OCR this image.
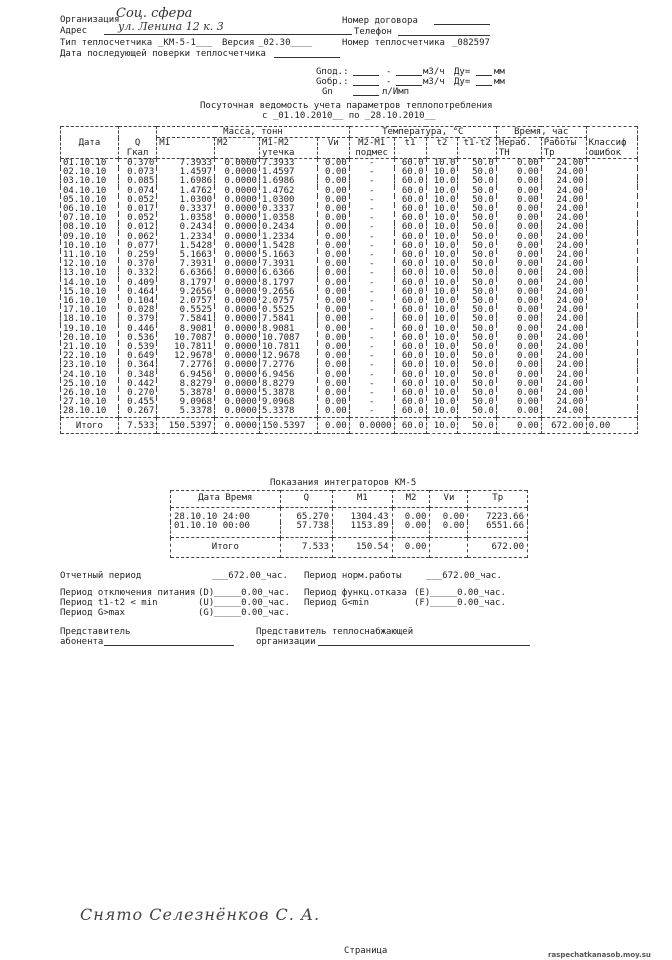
Организация
Соц. сфера
Адрес	ул. Ленина 12 к. 3	Номер договора
Телефон
Тип теплосчетчика _КМ-5-1___ Версия _02.30____	Номер теплосчетчика _082597
Дата последующей поверки теплосчетчика
Gпод.:	-	м3/ч Ду=	мм
Gобр.:	-	м3/ч Ду=	мм
Gn	л/Имп
Посуточная ведомость учета параметров теплопотребления
с _01.10.2010__ по _28.10.2010__
		Масса, тонн				Температура, °С				Время, час		
Дата	Q
Гкал	M1	M2	M1-M2
утечка	Vи	M2-M1
подмес	t1	t2	t1-t2	Нераб.
ТН	Работы
Тр	Классиф
ошибок
01.10.10	0.370	7.3933	0.0000	7.3933	0.00	-	60.0	10.0	50.0	0.00	24.00	
02.10.10	0.073	1.4597	0.0000	1.4597	0.00	-	60.0	10.0	50.0	0.00	24.00	
03.10.10	0.085	1.6986	0.0000	1.6986	0.00	-	60.0	10.0	50.0	0.00	24.00	
04.10.10	0.074	1.4762	0.0000	1.4762	0.00	-	60.0	10.0	50.0	0.00	24.00	
05.10.10	0.052	1.0300	0.0000	1.0300	0.00	-	60.0	10.0	50.0	0.00	24.00	
06.10.10	0.017	0.3337	0.0000	0.3337	0.00	-	60.0	10.0	50.0	0.00	24.00	
07.10.10	0.052	1.0358	0.0000	1.0358	0.00	-	60.0	10.0	50.0	0.00	24.00	
08.10.10	0.012	0.2434	0.0000	0.2434	0.00	-	60.0	10.0	50.0	0.00	24.00	
09.10.10	0.062	1.2334	0.0000	1.2334	0.00	-	60.0	10.0	50.0	0.00	24.00	
10.10.10	0.077	1.5428	0.0000	1.5428	0.00	-	60.0	10.0	50.0	0.00	24.00	
11.10.10	0.259	5.1663	0.0000	5.1663	0.00	-	60.0	10.0	50.0	0.00	24.00	
12.10.10	0.370	7.3931	0.0000	7.3931	0.00	-	60.0	10.0	50.0	0.00	24.00	
13.10.10	0.332	6.6366	0.0000	6.6366	0.00	-	60.0	10.0	50.0	0.00	24.00	
14.10.10	0.409	8.1797	0.0000	8.1797	0.00	-	60.0	10.0	50.0	0.00	24.00	
15.10.10	0.464	9.2656	0.0000	9.2656	0.00	-	60.0	10.0	50.0	0.00	24.00	
16.10.10	0.104	2.0757	0.0000	2.0757	0.00	-	60.0	10.0	50.0	0.00	24.00	
17.10.10	0.028	0.5525	0.0000	0.5525	0.00	-	60.0	10.0	50.0	0.00	24.00	
18.10.10	0.379	7.5841	0.0000	7.5841	0.00	-	60.0	10.0	50.0	0.00	24.00	
19.10.10	0.446	8.9081	0.0000	8.9081	0.00	-	60.0	10.0	50.0	0.00	24.00	
20.10.10	0.536	10.7087	0.0000	10.7087	0.00	-	60.0	10.0	50.0	0.00	24.00	
21.10.10	0.539	10.7811	0.0000	10.7811	0.00	-	60.0	10.0	50.0	0.00	24.00	
22.10.10	0.649	12.9678	0.0000	12.9678	0.00	-	60.0	10.0	50.0	0.00	24.00	
23.10.10	0.364	7.2776	0.0000	7.2776	0.00	-	60.0	10.0	50.0	0.00	24.00	
24.10.10	0.348	6.9456	0.0000	6.9456	0.00	-	60.0	10.0	50.0	0.00	24.00	
25.10.10	0.442	8.8279	0.0000	8.8279	0.00	-	60.0	10.0	50.0	0.00	24.00	
26.10.10	0.270	5.3878	0.0000	5.3878	0.00	-	60.0	10.0	50.0	0.00	24.00	
27.10.10	0.455	9.0968	0.0000	9.0968	0.00	-	60.0	10.0	50.0	0.00	24.00	
28.10.10	0.267	5.3378	0.0000	5.3378	0.00	-	60.0	10.0	50.0	0.00	24.00	
Итого	7.533	150.5397	0.0000	150.5397	0.00	0.0000	60.0	10.0	50.0	0.00	672.00	0.00
Показания интеграторов КМ-5
Дата Время	Q	M1	M2	Vи	Тр
28.10.10 24:00	65.270	1304.43	0.00	0.00	7223.66
01.10.10 00:00	57.738	1153.89	0.00	0.00	6551.66
Итого	7.533	150.54	0.00		672.00
Отчетный период	___672.00_час. Период норм.работы	___672.00_час.
Период отключения питания (D) _____0.00_час.
Период t1-t2 < min	(U) _____0.00_час.
Период G>max	(G) _____0.00_час.
Период функц.отказа (E) _____0.00_час.
Период G<min	(F) _____0.00_час.
Представитель
абонента
Представитель теплоснабжающей
организации
Снято Селезнёнков С. А.
Страница	raspechatkanasob.moy.su
